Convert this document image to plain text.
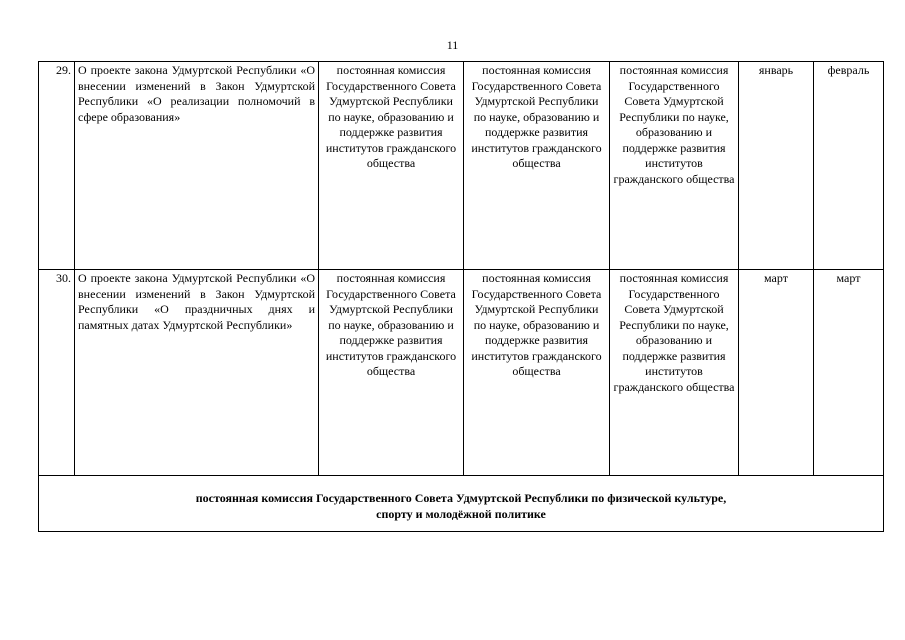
11
29.	О проекте закона Удмуртской Республики «О внесении изменений в Закон Удмуртской Республики «О реализации полномочий в сфере образования»	постоянная комиссия Государственного Совета Удмуртской Республики по науке, образованию и поддержке развития институтов гражданского общества	постоянная комиссия Государственного Совета Удмуртской Республики по науке, образованию и поддержке развития институтов гражданского общества	постоянная комиссия Государственного Совета Удмуртской Республики по науке, образованию и поддержке развития институтов гражданского общества	январь	февраль
30.	О проекте закона Удмуртской Республики «О внесении изменений в Закон Удмуртской Республики «О праздничных днях и памятных датах Удмуртской Республики»	постоянная комиссия Государственного Совета Удмуртской Республики по науке, образованию и поддержке развития институтов гражданского общества	постоянная комиссия Государственного Совета Удмуртской Республики по науке, образованию и поддержке развития институтов гражданского общества	постоянная комиссия Государственного Совета Удмуртской Республики по науке, образованию и поддержке развития институтов гражданского общества	март	март

постоянная комиссия Государственного Совета Удмуртской Республики по физической культуре,
спорту и молодёжной политике						
